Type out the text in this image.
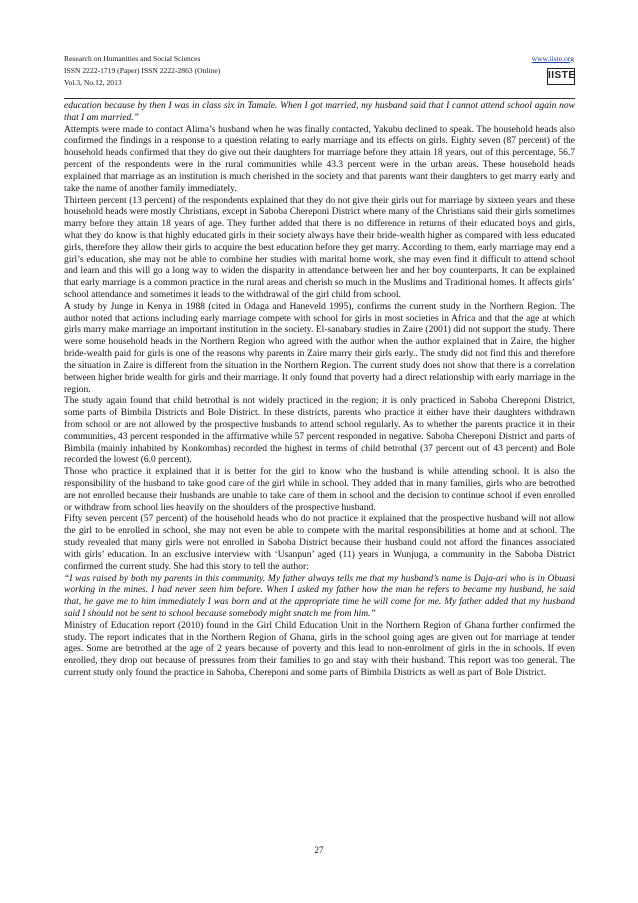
Research on Humanities and Social Sciences
ISSN 2222-1719 (Paper) ISSN 2222-2863 (Online)
Vol.3, No.12, 2013
www.iiste.org
IISTE

education because by then I was in class six in Tamale. When I got married, my husband said that I cannot attend school again now that I am married.”

Attempts were made to contact Alima’s husband when he was finally contacted, Yakubu declined to speak. The household heads also confirmed the findings in a response to a question relating to early marriage and its effects on girls. Eighty seven (87 percent) of the household heads confirmed that they do give out their daughters for marriage before they attain 18 years, out of this percentage, 56.7 percent of the respondents were in the rural communities while 43.3 percent were in the urban areas. These household heads explained that marriage as an institution is much cherished in the society and that parents want their daughters to get marry early and take the name of another family immediately.

Thirteen percent (13 percent) of the respondents explained that they do not give their girls out for marriage by sixteen years and these household heads were mostly Christians, except in Saboba Chereponi District where many of the Christians said their girls sometimes marry before they attain 18 years of age. They further added that there is no difference in returns of their educated boys and girls, what they do know is that highly educated girls in their society always have their bride-wealth higher as compared with less educated girls, therefore they allow their girls to acquire the best education before they get marry. According to them, early marriage may end a girl’s education, she may not be able to combine her studies with marital home work, she may even find it difficult to attend school and learn and this will go a long way to widen the disparity in attendance between her and her boy counterparts. It can be explained that early marriage is a common practice in the rural areas and cherish so much in the Muslims and Traditional homes. It affects girls’ school attendance and sometimes it leads to the withdrawal of the girl child from school.

A study by Junge in Kenya in 1988 (cited in Odaga and Haneveld 1995), confirms the current study in the Northern Region. The author noted that actions including early marriage compete with school for girls in most societies in Africa and that the age at which girls marry make marriage an important institution in the society. El-sanabary studies in Zaire (2001) did not support the study. There were some household heads in the Northern Region who agreed with the author when the author explained that in Zaire, the higher bride-wealth paid for girls is one of the reasons why parents in Zaire marry their girls early.. The study did not find this and therefore the situation in Zaire is different from the situation in the Northern Region. The current study does not show that there is a correlation between higher bride wealth for girls and their marriage. It only found that poverty had a direct relationship with early marriage in the region.

The study again found that child betrothal is not widely practiced in the region; it is only practiced in Saboba Chereponi District, some parts of Bimbila Districts and Bole District. In these districts, parents who practice it either have their daughters withdrawn from school or are not allowed by the prospective husbands to attend school regularly. As to whether the parents practice it in their communities, 43 percent responded in the affirmative while 57 percent responded in negative. Saboba Chereponi District and parts of Bimbila (mainly inhabited by Konkombas) recorded the highest in terms of child betrothal (37 percent out of 43 percent) and Bole recorded the lowest (6.0 percent).

Those who practice it explained that it is better for the girl to know who the husband is while attending school. It is also the responsibility of the husband to take good care of the girl while in school. They added that in many families, girls who are betrothed are not enrolled because their husbands are unable to take care of them in school and the decision to continue school if even enrolled or withdraw from school lies heavily on the shoulders of the prospective husband.

Fifty seven percent (57 percent) of the household heads who do not practice it explained that the prospective husband will not allow the girl to be enrolled in school, she may not even be able to compete with the marital responsibilities at home and at school. The study revealed that many girls were not enrolled in Saboba District because their husband could not afford the finances associated with girls’ education. In an exclusive interview with ‘Usanpun’ aged (11) years in Wunjuga, a community in the Saboba District confirmed the current study. She had this story to tell the author:

“I was raised by both my parents in this community. My father always tells me that my husband’s name is Daja-ari who is in Obuasi working in the mines. I had never seen him before. When I asked my father how the man he refers to became my husband, he said that, he gave me to him immediately I was born and at the appropriate time he will come for me. My father added that my husband said I should not be sent to school because somebody might snatch me from him.”

Ministry of Education report (2010) found in the Girl Child Education Unit in the Northern Region of Ghana further confirmed the study. The report indicates that in the Northern Region of Ghana, girls in the school going ages are given out for marriage at tender ages. Some are betrothed at the age of 2 years because of poverty and this lead to non-enrolment of girls in the in schools. If even enrolled, they drop out because of pressures from their families to go and stay with their husband. This report was too general. The current study only found the practice in Saboba, Chereponi and some parts of Bimbila Districts as well as part of Bole District.

27
